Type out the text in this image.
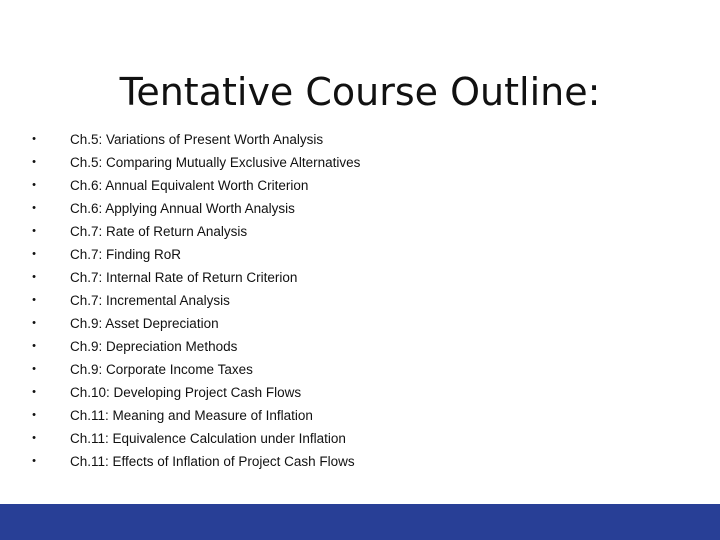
Tentative Course Outline:
•	Ch.5: Variations of Present Worth Analysis
•	Ch.5: Comparing Mutually Exclusive Alternatives
•	Ch.6: Annual Equivalent Worth Criterion
•	Ch.6: Applying Annual Worth Analysis
•	Ch.7: Rate of Return Analysis
•	Ch.7: Finding RoR
•	Ch.7: Internal Rate of Return Criterion
•	Ch.7: Incremental Analysis
•	Ch.9: Asset Depreciation
•	Ch.9: Depreciation Methods
•	Ch.9: Corporate Income Taxes
•	Ch.10: Developing Project Cash Flows
•	Ch.11: Meaning and Measure of Inflation
•	Ch.11: Equivalence Calculation under Inflation
•	Ch.11: Effects of Inflation of Project Cash Flows
